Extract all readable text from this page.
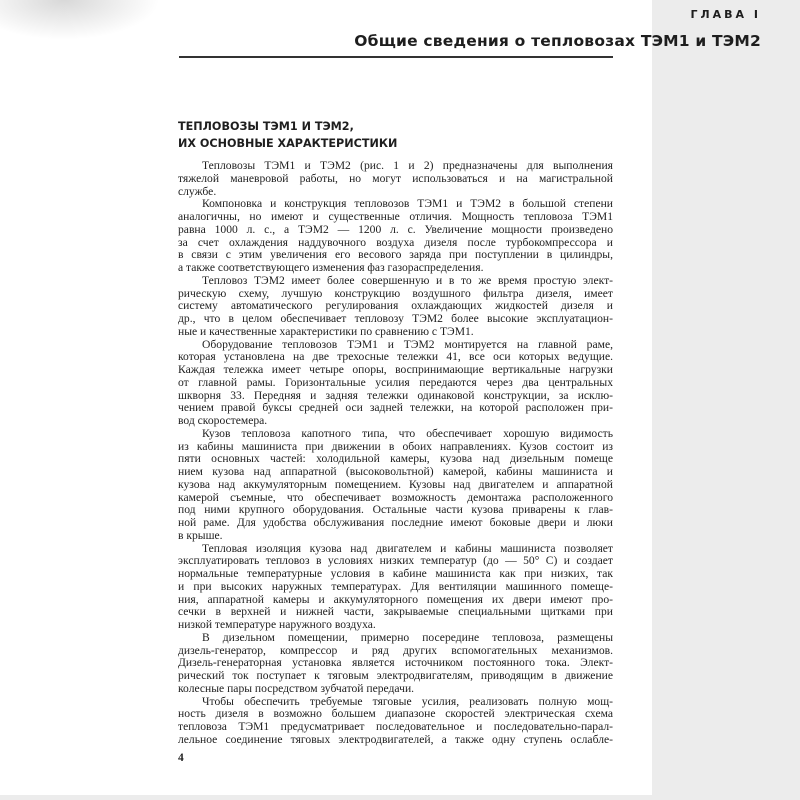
ГЛАВА I
Общие сведения о тепловозах ТЭМ1 и ТЭМ2
ТЕПЛОВОЗЫ ТЭМ1 И ТЭМ2,
ИХ ОСНОВНЫЕ ХАРАКТЕРИСТИКИ
Тепловозы ТЭМ1 и ТЭМ2 (рис. 1 и 2) предназначены для выполнения
тяжелой маневровой работы, но могут использоваться и на магистральной
службе.
Компоновка и конструкция тепловозов ТЭМ1 и ТЭМ2 в большой степени
аналогичны, но имеют и существенные отличия. Мощность тепловоза ТЭМ1
равна 1000 л. с., а ТЭМ2 — 1200 л. с. Увеличение мощности произведено
за счет охлаждения наддувочного воздуха дизеля после турбокомпрессора и
в связи с этим увеличения его весового заряда при поступлении в цилиндры,
а также соответствующего изменения фаз газораспределения.
Тепловоз ТЭМ2 имеет более совершенную и в то же время простую элект-
рическую схему, лучшую конструкцию воздушного фильтра дизеля, имеет
систему автоматического регулирования охлаждающих жидкостей дизеля и
др., что в целом обеспечивает тепловозу ТЭМ2 более высокие эксплуатацион-
ные и качественные характеристики по сравнению с ТЭМ1.
Оборудование тепловозов ТЭМ1 и ТЭМ2 монтируется на главной раме,
которая установлена на две трехосные тележки 41, все оси которых ведущие.
Каждая тележка имеет четыре опоры, воспринимающие вертикальные нагрузки
от главной рамы. Горизонтальные усилия передаются через два центральных
шкворня 33. Передняя и задняя тележки одинаковой конструкции, за исклю-
чением правой буксы средней оси задней тележки, на которой расположен при-
вод скоростемера.
Кузов тепловоза капотного типа, что обеспечивает хорошую видимость
из кабины машиниста при движении в обоих направлениях. Кузов состоит из
пяти основных частей: холодильной камеры, кузова над дизельным помеще
нием кузова над аппаратной (высоковольтной) камерой, кабины машиниста и
кузова над аккумуляторным помещением. Кузовы над двигателем и аппаратной
камерой съемные, что обеспечивает возможность демонтажа расположенного
под ними крупного оборудования. Остальные части кузова приварены к глав-
ной раме. Для удобства обслуживания последние имеют боковые двери и люки
в крыше.
Тепловая изоляция кузова над двигателем и кабины машиниста позволяет
эксплуатировать тепловоз в условиях низких температур (до — 50° С) и создает
нормальные температурные условия в кабине машиниста как при низких, так
и при высоких наружных температурах. Для вентиляции машинного помеще-
ния, аппаратной камеры и аккумуляторного помещения их двери имеют про-
сечки в верхней и нижней части, закрываемые специальными щитками при
низкой температуре наружного воздуха.
В дизельном помещении, примерно посередине тепловоза, размещены
дизель-генератор, компрессор и ряд других вспомогательных механизмов.
Дизель-генераторная установка является источником постоянного тока. Элект-
рический ток поступает к тяговым электродвигателям, приводящим в движение
колесные пары посредством зубчатой передачи.
Чтобы обеспечить требуемые тяговые усилия, реализовать полную мощ-
ность дизеля в возможно большем диапазоне скоростей электрическая схема
тепловоза ТЭМ1 предусматривает последовательное и последовательно-парал-
лельное соединение тяговых электродвигателей, а также одну ступень ослабле-
4
